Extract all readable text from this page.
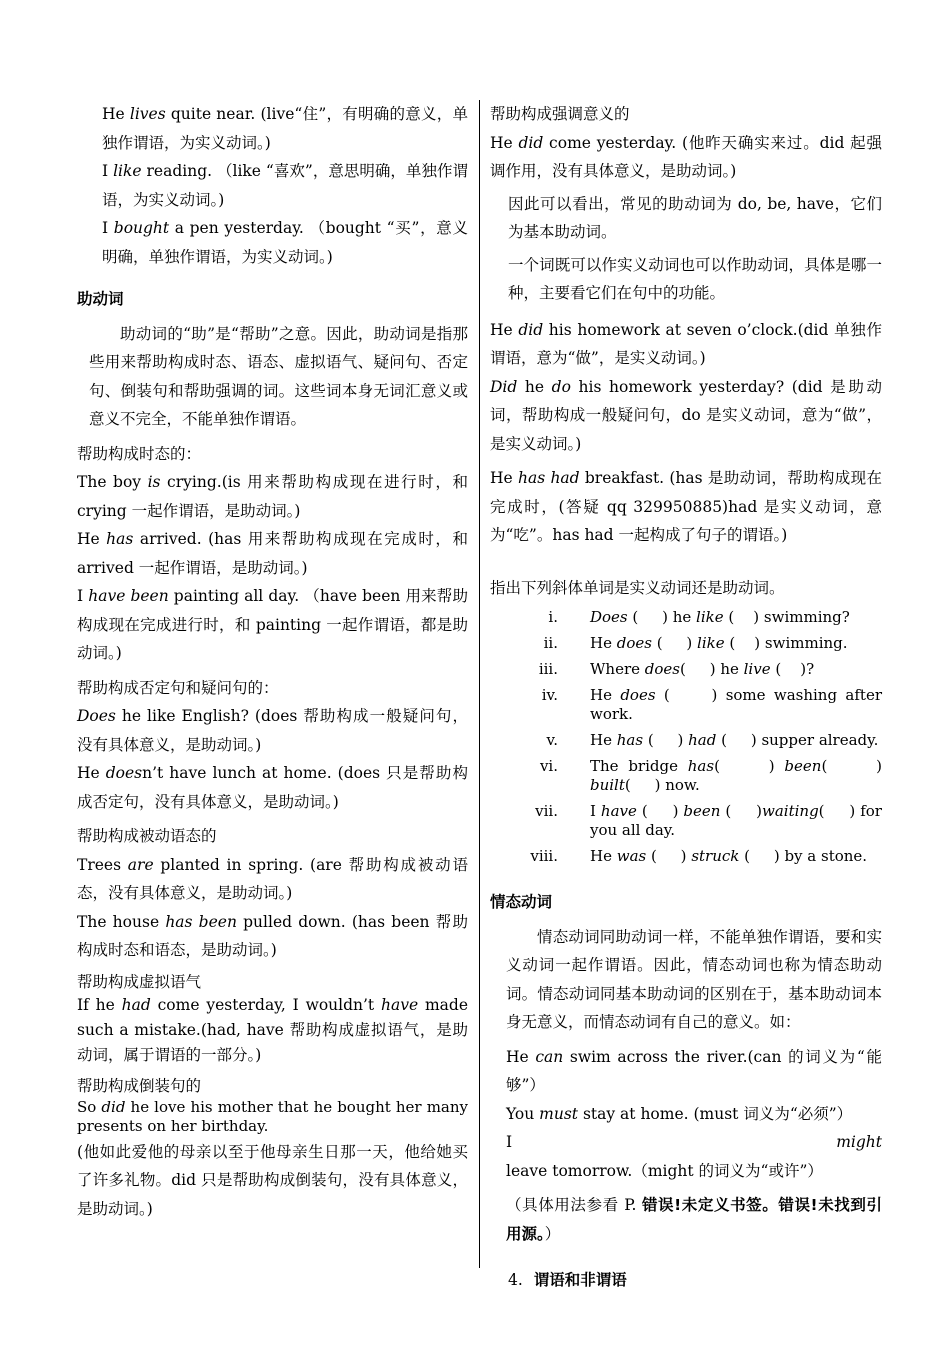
He lives quite near. (live“住”，有明确的意义，单独作谓语，为实义动词。)

I like reading. （like “喜欢”，意思明确，单独作谓语，为实义动词。)

I bought a pen yesterday. （bought “买”，意义明确，单独作谓语，为实义动词。)

助动词

助动词的“助”是“帮助”之意。因此，助动词是指那些用来帮助构成时态、语态、虚拟语气、疑问句、否定句、倒装句和帮助强调的词。这些词本身无词汇意义或意义不完全，不能单独作谓语。

帮助构成时态的：

The boy is crying.(is 用来帮助构成现在进行时，和crying 一起作谓语，是助动词。)

He has arrived. (has 用来帮助构成现在完成时，和arrived 一起作谓语，是助动词。)

I have been painting all day. （have been 用来帮助构成现在完成进行时，和 painting 一起作谓语，都是助动词。)

帮助构成否定句和疑问句的：

Does he like English? (does 帮助构成一般疑问句，没有具体意义，是助动词。)

He doesn’t have lunch at home. (does 只是帮助构成否定句，没有具体意义，是助动词。)

帮助构成被动语态的

Trees are planted in spring. (are 帮助构成被动语态，没有具体意义，是助动词。)

The house has been pulled down. (has been 帮助构成时态和语态，是助动词。)

帮助构成虚拟语气

If he had come yesterday, I wouldn’t have made such a mistake.(had, have 帮助构成虚拟语气，是助动词，属于谓语的一部分。)

帮助构成倒装句的

So did he love his mother that he bought her many presents on her birthday.

(他如此爱他的母亲以至于他母亲生日那一天，他给她买了许多礼物。did 只是帮助构成倒装句，没有具体意义，是助动词。)

帮助构成强调意义的

He did come yesterday. (他昨天确实来过。did 起强调作用，没有具体意义，是助动词。)

因此可以看出，常见的助动词为 do, be, have，它们为基本助动词。

一个词既可以作实义动词也可以作助动词，具体是哪一种，主要看它们在句中的功能。

He did his homework at seven o’clock.(did 单独作谓语，意为“做”，是实义动词。)

Did he do his homework yesterday? (did 是助动词，帮助构成一般疑问句，do 是实义动词，意为“做”，是实义动词。)

He has had breakfast. (has 是助动词，帮助构成现在完成时，(答疑 qq 329950885)had 是实义动词，意为“吃”。has had 一起构成了句子的谓语。)

指出下列斜体单词是实义动词还是助动词。

i.	Does (     ) he like (    ) swimming?
ii.	He does (     ) like (    ) swimming.
iii.	Where does(     ) he live (    )?
iv.	He does (     ) some washing after work.
v.	He has (     ) had (     ) supper already.
vi.	The bridge has(     ) been(     ) built(     ) now.
vii.	I have (     ) been (     )waiting(     ) for you all day.
viii.	He was (     ) struck (     ) by a stone.
情态动词

情态动词同助动词一样，不能单独作谓语，要和实义动词一起作谓语。因此，情态动词也称为情态助动词。情态动词同基本助动词的区别在于，基本助动词本身无意义，而情态动词有自己的意义。如：

He can swim across the river.(can 的词义为“能够”）

You must stay at home. (must 词义为“必须”）

I might leave tomorrow.（might 的词义为“或许”）

（具体用法参看 P. 错误!未定义书签。错误!未找到引用源。）

4. 谓语和非谓语
